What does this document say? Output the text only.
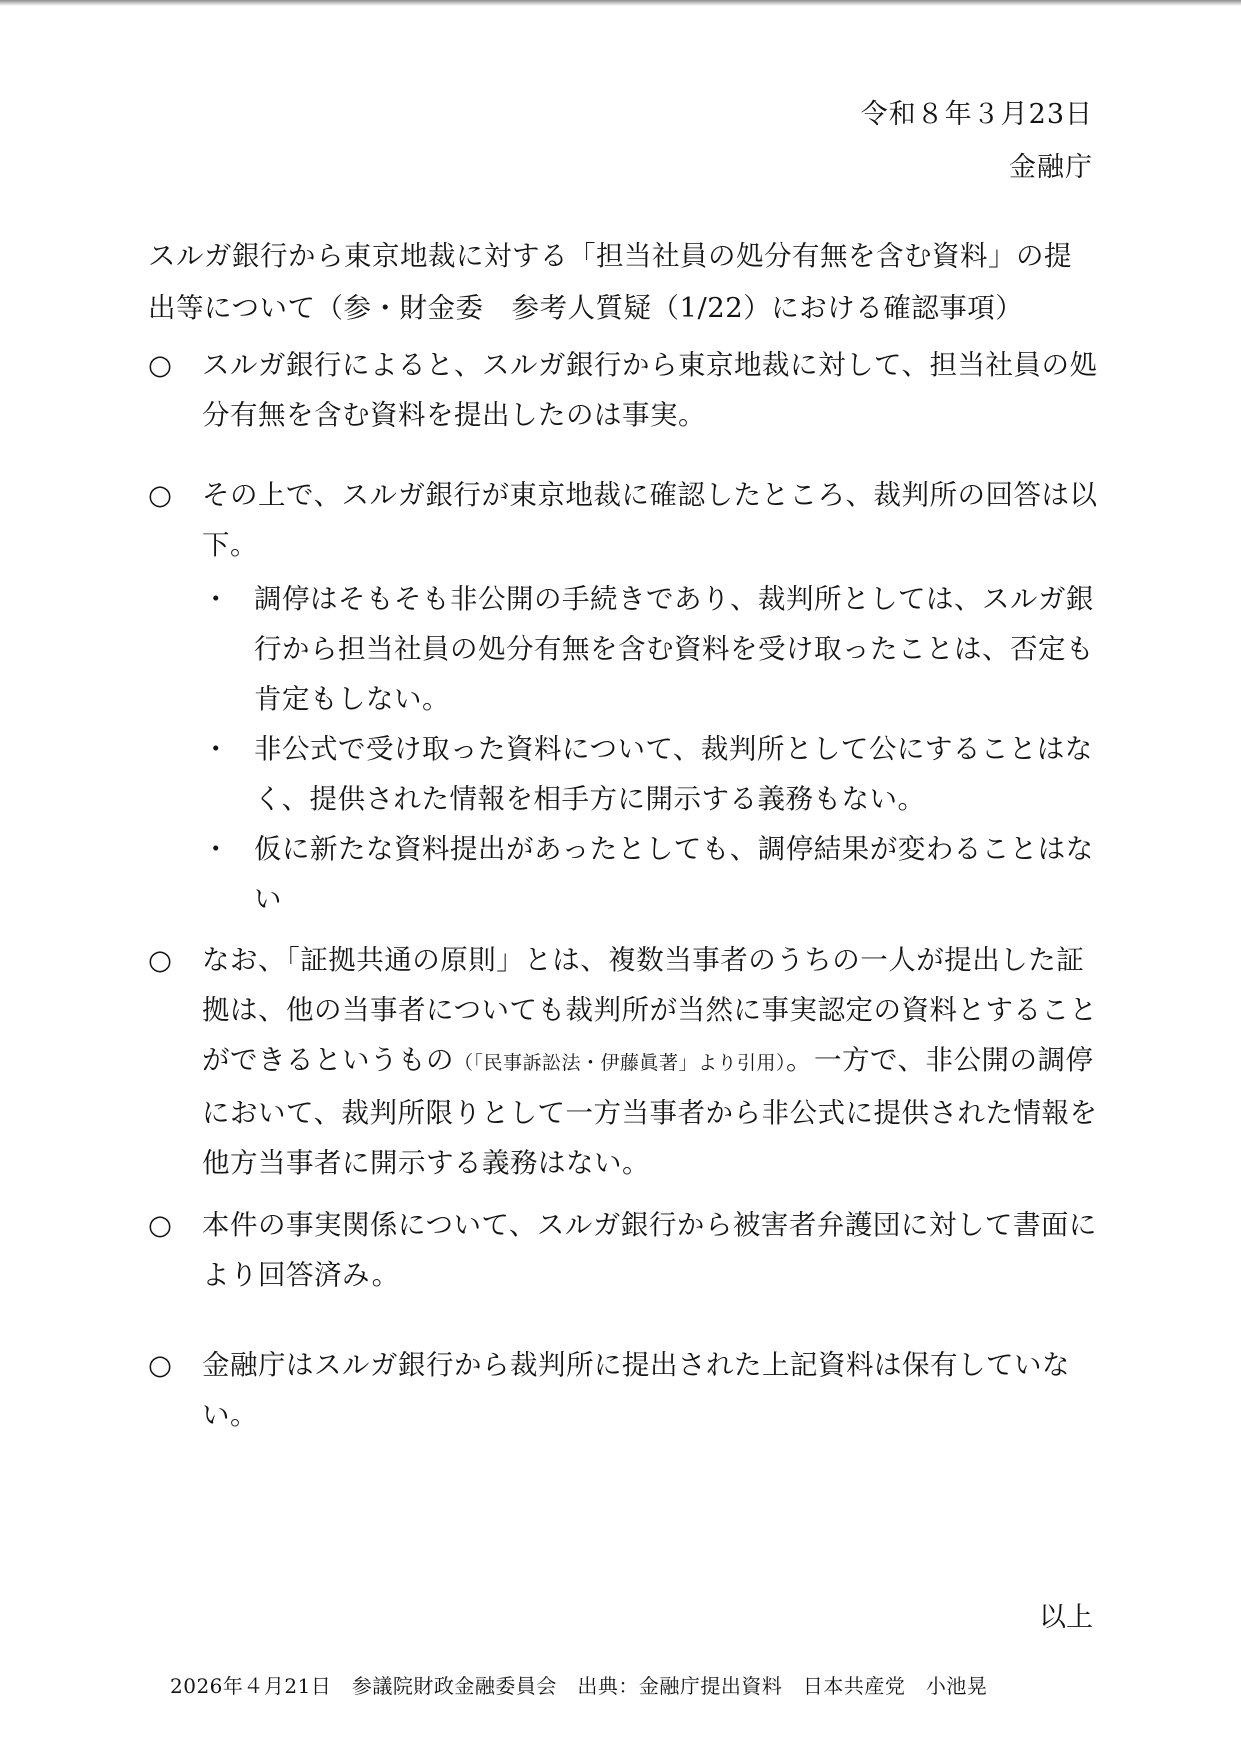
令和８年３月23日
金融庁
スルガ銀行から東京地裁に対する「担当社員の処分有無を含む資料」の提出等について（参・財金委　参考人質疑（1/22）における確認事項）
○	スルガ銀行によると、スルガ銀行から東京地裁に対して、担当社員の処分有無を含む資料を提出したのは事実。
○	その上で、スルガ銀行が東京地裁に確認したところ、裁判所の回答は以下。
・ 調停はそもそも非公開の手続きであり、裁判所としては、スルガ銀行から担当社員の処分有無を含む資料を受け取ったことは、否定も肯定もしない。
・ 非公式で受け取った資料について、裁判所として公にすることはなく、提供された情報を相手方に開示する義務もない。
・ 仮に新たな資料提出があったとしても、調停結果が変わることはない
○	なお、「証拠共通の原則」とは、複数当事者のうちの一人が提出した証拠は、他の当事者についても裁判所が当然に事実認定の資料とすることができるというもの（「民事訴訟法・伊藤眞著」より引用）。一方で、非公開の調停において、裁判所限りとして一方当事者から非公式に提供された情報を他方当事者に開示する義務はない。
○	本件の事実関係について、スルガ銀行から被害者弁護団に対して書面により回答済み。
○	金融庁はスルガ銀行から裁判所に提出された上記資料は保有していない。
以上
2026年４月21日　参議院財政金融委員会　出典：金融庁提出資料　日本共産党　小池晃
